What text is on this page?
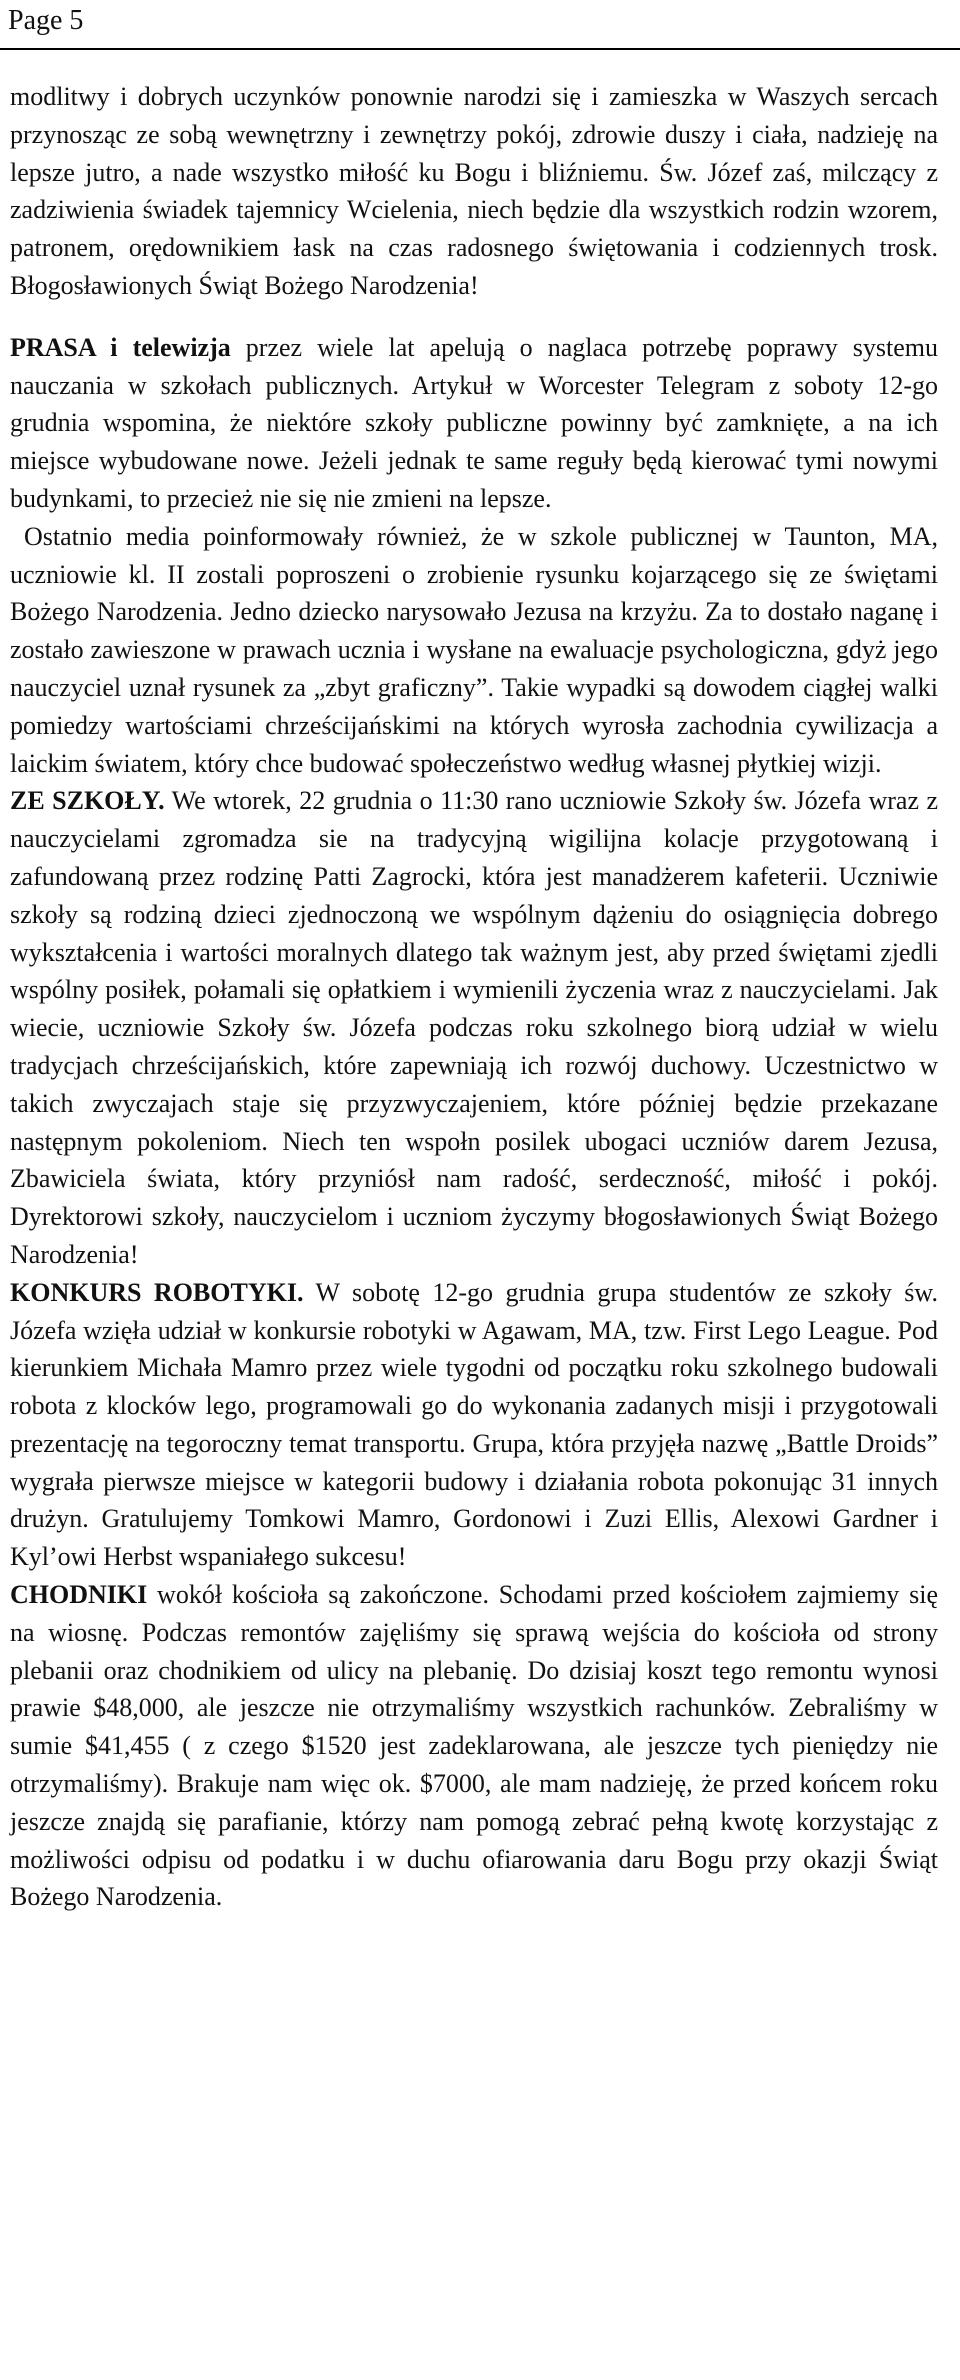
Page 5

modlitwy i dobrych uczynków ponownie narodzi się i zamieszka w Waszych sercach przynosząc ze sobą wewnętrzny i zewnętrzy pokój, zdrowie duszy i ciała, nadzieję na lepsze jutro, a nade wszystko miłość ku Bogu i bliźniemu. Św. Józef zaś, milczący z zadziwienia świadek tajemnicy Wcielenia, niech będzie dla wszystkich rodzin wzorem, patronem, orędownikiem łask na czas radosnego świętowania i codziennych trosk. Błogosławionych Świąt Bożego Narodzenia!

PRASA i telewizja przez wiele lat apelują o naglaca potrzebę poprawy systemu nauczania w szkołach publicznych. Artykuł w Worcester Telegram z soboty 12-go grudnia wspomina, że niektóre szkoły publiczne powinny być zamknięte, a na ich miejsce wybudowane nowe. Jeżeli jednak te same reguły będą kierować tymi nowymi budynkami, to przecież nie się nie zmieni na lepsze.

Ostatnio media poinformowały również, że w szkole publicznej w Taunton, MA, uczniowie kl. II zostali poproszeni o zrobienie rysunku kojarzącego się ze świętami Bożego Narodzenia. Jedno dziecko narysowało Jezusa na krzyżu. Za to dostało naganę i zostało zawieszone w prawach ucznia i wysłane na ewaluacje psychologiczna, gdyż jego nauczyciel uznał rysunek za „zbyt graficzny”. Takie wypadki są dowodem ciągłej walki pomiedzy wartościami chrześcijańskimi na których wyrosła zachodnia cywilizacja a laickim światem, który chce budować społeczeństwo według własnej płytkiej wizji.

ZE SZKOŁY. We wtorek, 22 grudnia o 11:30 rano uczniowie Szkoły św. Józefa wraz z nauczycielami zgromadza sie na tradycyjną wigilijna kolacje przygotowaną i zafundowaną przez rodzinę Patti Zagrocki, która jest manadżerem kafeterii. Uczniwie szkoły są rodziną dzieci zjednoczoną we wspólnym dążeniu do osiągnięcia dobrego wykształcenia i wartości moralnych dlatego tak ważnym jest, aby przed świętami zjedli wspólny posiłek, połamali się opłatkiem i wymienili życzenia wraz z nauczycielami. Jak wiecie, uczniowie Szkoły św. Józefa podczas roku szkolnego biorą udział w wielu tradycjach chrześcijańskich, które zapewniają ich rozwój duchowy. Uczestnictwo w takich zwyczajach staje się przyzwyczajeniem, które później będzie przekazane następnym pokoleniom. Niech ten wspołn posilek ubogaci uczniów darem Jezusa, Zbawiciela świata, który przyniósł nam radość, serdeczność, miłość i pokój. Dyrektorowi szkoły, nauczycielom i uczniom życzymy błogosławionych Świąt Bożego Narodzenia!

KONKURS ROBOTYKI. W sobotę 12-go grudnia grupa studentów ze szkoły św. Józefa wzięła udział w konkursie robotyki w Agawam, MA, tzw. First Lego League. Pod kierunkiem Michała Mamro przez wiele tygodni od początku roku szkolnego budowali robota z klocków lego, programowali go do wykonania zadanych misji i przygotowali prezentację na tegoroczny temat transportu. Grupa, która przyjęła nazwę „Battle Droids” wygrała pierwsze miejsce w kategorii budowy i działania robota pokonując 31 innych drużyn. Gratulujemy Tomkowi Mamro, Gordonowi i Zuzi Ellis, Alexowi Gardner i Kyl’owi Herbst wspaniałego sukcesu!

CHODNIKI wokół kościoła są zakończone. Schodami przed kościołem zajmiemy się na wiosnę. Podczas remontów zajęliśmy się sprawą wejścia do kościoła od strony plebanii oraz chodnikiem od ulicy na plebanię. Do dzisiaj koszt tego remontu wynosi prawie $48,000, ale jeszcze nie otrzymaliśmy wszystkich rachunków. Zebraliśmy w sumie $41,455 ( z czego $1520 jest zadeklarowana, ale jeszcze tych pieniędzy nie otrzymaliśmy). Brakuje nam więc ok. $7000, ale mam nadzieję, że przed końcem roku jeszcze znajdą się parafianie, którzy nam pomogą zebrać pełną kwotę korzystając z możliwości odpisu od podatku i w duchu ofiarowania daru Bogu przy okazji Świąt Bożego Narodzenia.
